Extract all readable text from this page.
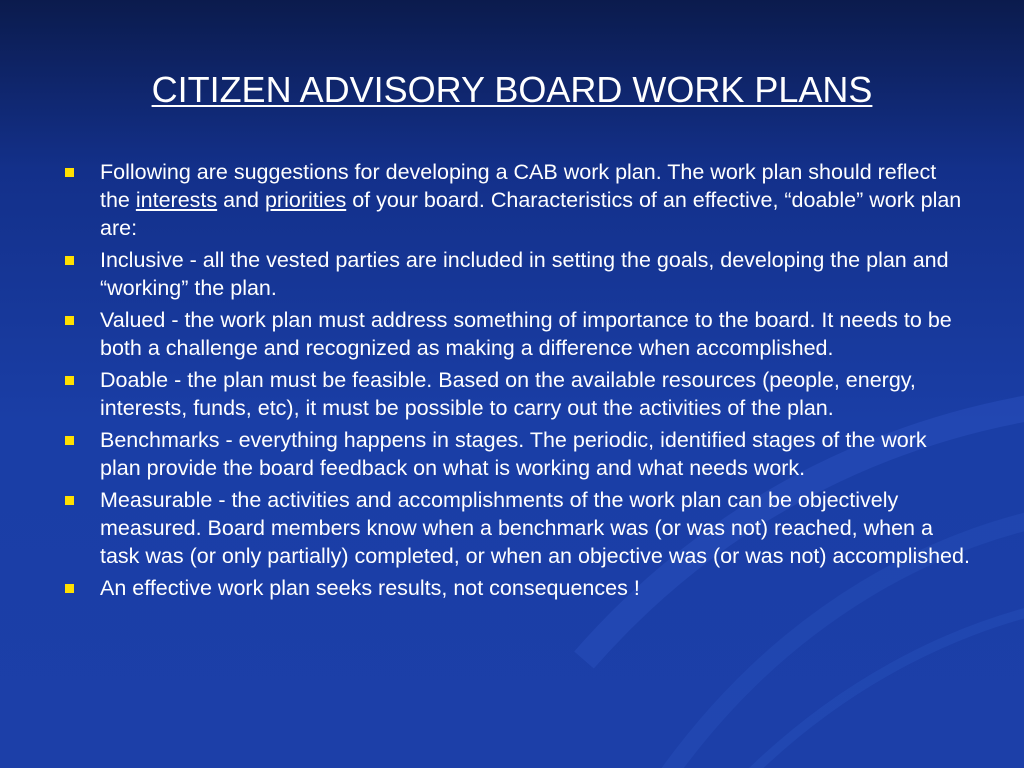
CITIZEN ADVISORY BOARD WORK PLANS
Following are suggestions for developing a CAB work plan. The work plan should reflect the interests and priorities of your board. Characteristics of an effective, “doable” work plan are:
Inclusive - all the vested parties are included in setting the goals, developing the plan and “working” the plan.
Valued - the work plan must address something of importance to the board. It needs to be both a challenge and recognized as making a difference when accomplished.
Doable - the plan must be feasible. Based on the available resources (people, energy, interests, funds, etc), it must be possible to carry out the activities of the plan.
Benchmarks - everything happens in stages. The periodic, identified stages of the work plan provide the board feedback on what is working and what needs work.
Measurable - the activities and accomplishments of the work plan can be objectively measured. Board members know when a benchmark was (or was not) reached, when a task was (or only partially) completed, or when an objective was (or was not) accomplished.
An effective work plan seeks results, not consequences !
